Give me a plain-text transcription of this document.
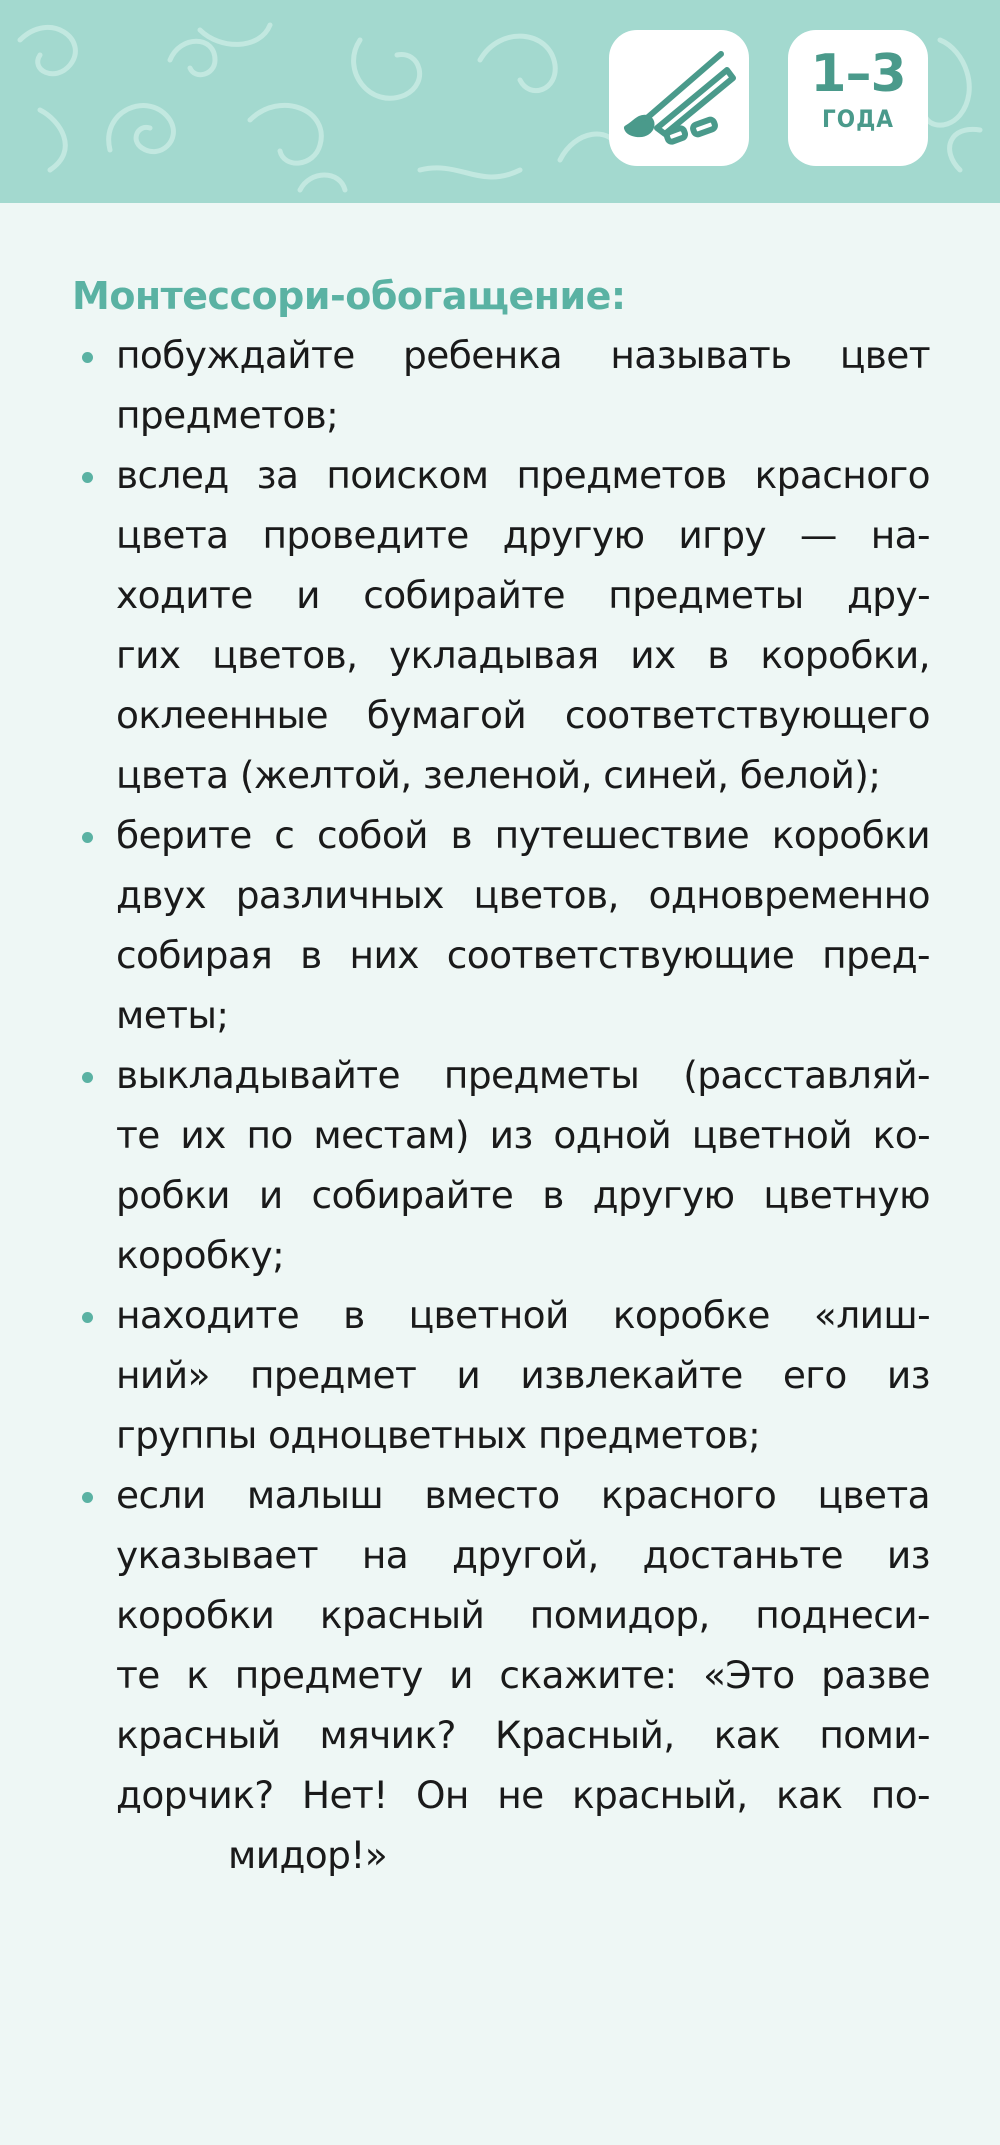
1–3
ГОДА
Монтессори-обогащение:
побуждайте ребенка называть цвет
предметов;
вслед за поиском предметов красного
цвета проведите другую игру — на-
ходите и собирайте предметы дру-
гих цветов, укладывая их в коробки,
оклеенные бумагой соответствующего
цвета (желтой, зеленой, синей, белой);
берите с собой в путешествие коробки
двух различных цветов, одновременно
собирая в них соответствующие пред-
меты;
выкладывайте предметы (расставляй-
те их по местам) из одной цветной ко-
робки и собирайте в другую цветную
коробку;
находите в цветной коробке «лиш-
ний» предмет и извлекайте его из
группы одноцветных предметов;
если малыш вместо красного цвета
указывает на другой, достаньте из
коробки красный помидор, поднеси-
те к предмету и скажите: «Это разве
красный мячик? Красный, как поми-
дорчик? Нет! Он не красный, как по-
мидор!»
